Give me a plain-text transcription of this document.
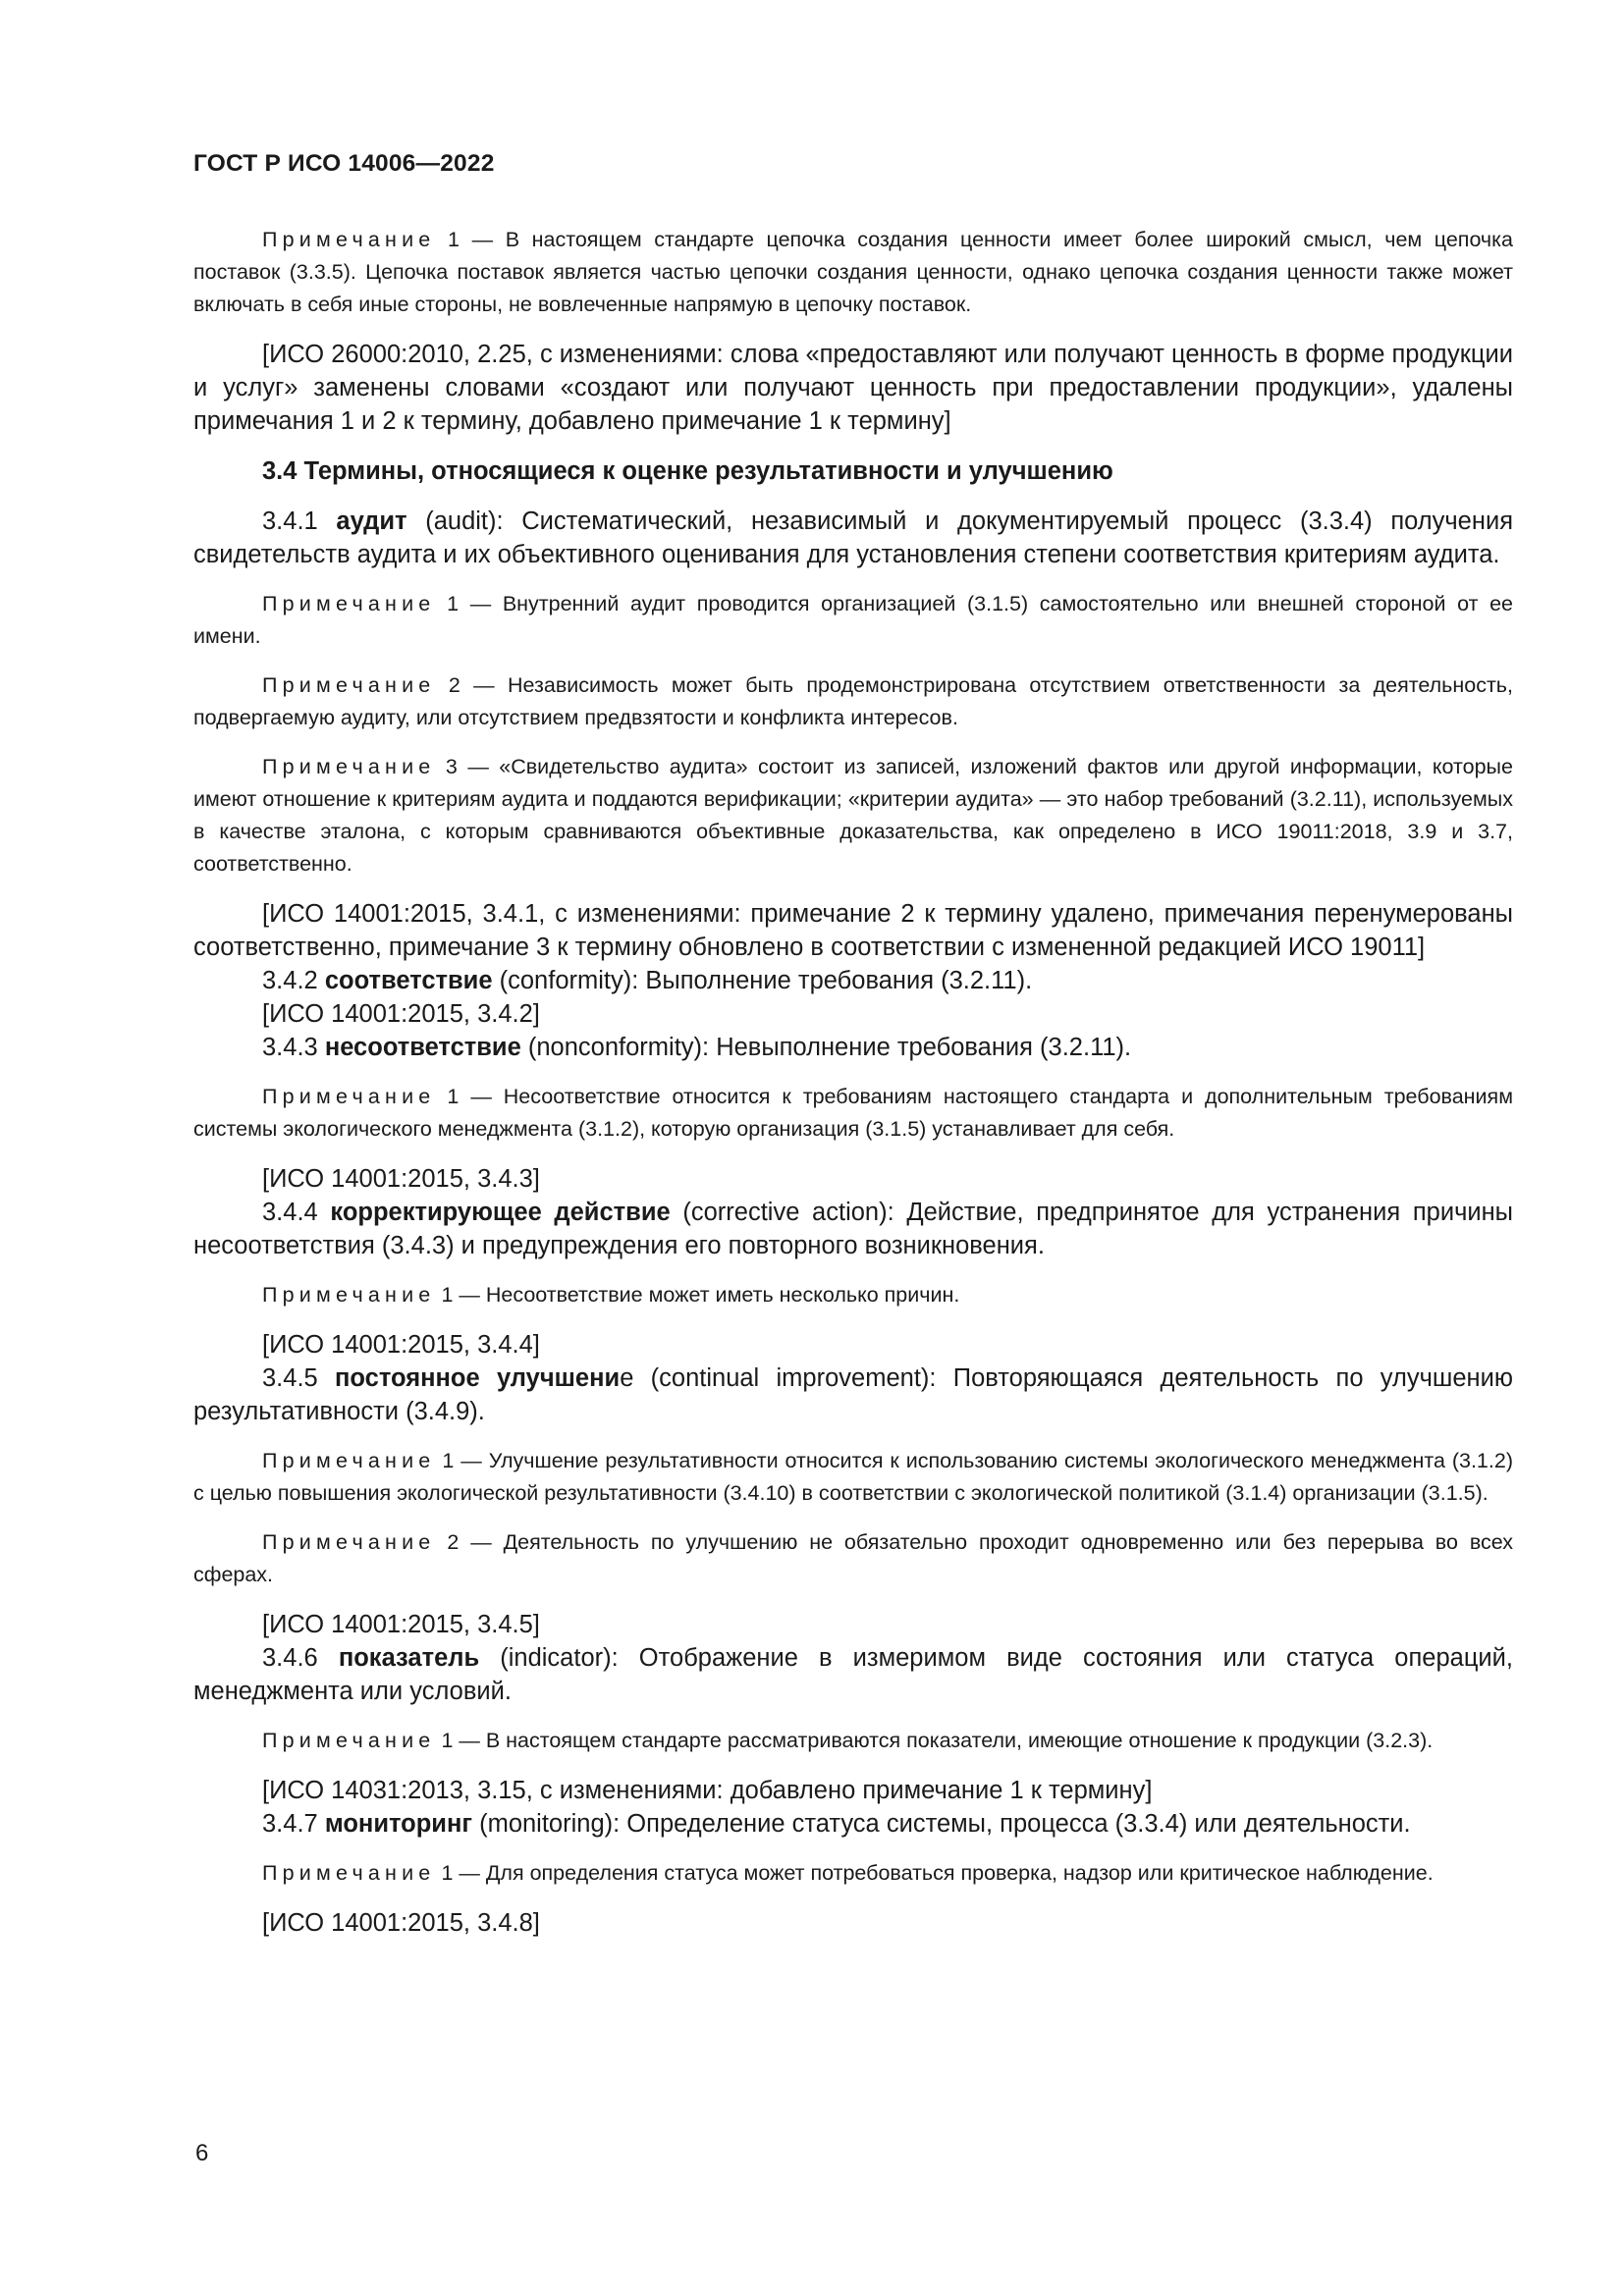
ГОСТ Р ИСО 14006—2022

Примечание 1 — В настоящем стандарте цепочка создания ценности имеет более широкий смысл, чем цепочка поставок (3.3.5). Цепочка поставок является частью цепочки создания ценности, однако цепочка создания ценности также может включать в себя иные стороны, не вовлеченные напрямую в цепочку поставок.

[ИСО 26000:2010, 2.25, с изменениями: слова «предоставляют или получают ценность в форме продукции и услуг» заменены словами «создают или получают ценность при предоставлении продукции», удалены примечания 1 и 2 к термину, добавлено примечание 1 к термину]

3.4 Термины, относящиеся к оценке результативности и улучшению

3.4.1 аудит (audit): Систематический, независимый и документируемый процесс (3.3.4) получения свидетельств аудита и их объективного оценивания для установления степени соответствия критериям аудита.

Примечание 1 — Внутренний аудит проводится организацией (3.1.5) самостоятельно или внешней стороной от ее имени.

Примечание 2 — Независимость может быть продемонстрирована отсутствием ответственности за деятельность, подвергаемую аудиту, или отсутствием предвзятости и конфликта интересов.

Примечание 3 — «Свидетельство аудита» состоит из записей, изложений фактов или другой информации, которые имеют отношение к критериям аудита и поддаются верификации; «критерии аудита» — это набор требований (3.2.11), используемых в качестве эталона, с которым сравниваются объективные доказательства, как определено в ИСО 19011:2018, 3.9 и 3.7, соответственно.

[ИСО 14001:2015, 3.4.1, с изменениями: примечание 2 к термину удалено, примечания перенумерованы соответственно, примечание 3 к термину обновлено в соответствии с измененной редакцией ИСО 19011]

3.4.2 соответствие (conformity): Выполнение требования (3.2.11).

[ИСО 14001:2015, 3.4.2]

3.4.3 несоответствие (nonconformity): Невыполнение требования (3.2.11).

Примечание 1 — Несоответствие относится к требованиям настоящего стандарта и дополнительным требованиям системы экологического менеджмента (3.1.2), которую организация (3.1.5) устанавливает для себя.

[ИСО 14001:2015, 3.4.3]

3.4.4 корректирующее действие (corrective action): Действие, предпринятое для устранения причины несоответствия (3.4.3) и предупреждения его повторного возникновения.

Примечание 1 — Несоответствие может иметь несколько причин.

[ИСО 14001:2015, 3.4.4]

3.4.5 постоянное улучшение (continual improvement): Повторяющаяся деятельность по улучшению результативности (3.4.9).

Примечание 1 — Улучшение результативности относится к использованию системы экологического менеджмента (3.1.2) с целью повышения экологической результативности (3.4.10) в соответствии с экологической политикой (3.1.4) организации (3.1.5).

Примечание 2 — Деятельность по улучшению не обязательно проходит одновременно или без перерыва во всех сферах.

[ИСО 14001:2015, 3.4.5]

3.4.6 показатель (indicator): Отображение в измеримом виде состояния или статуса операций, менеджмента или условий.

Примечание 1 — В настоящем стандарте рассматриваются показатели, имеющие отношение к продукции (3.2.3).

[ИСО 14031:2013, 3.15, с изменениями: добавлено примечание 1 к термину]

3.4.7 мониторинг (monitoring): Определение статуса системы, процесса (3.3.4) или деятельности.

Примечание 1 — Для определения статуса может потребоваться проверка, надзор или критическое наблюдение.

[ИСО 14001:2015, 3.4.8]

6
